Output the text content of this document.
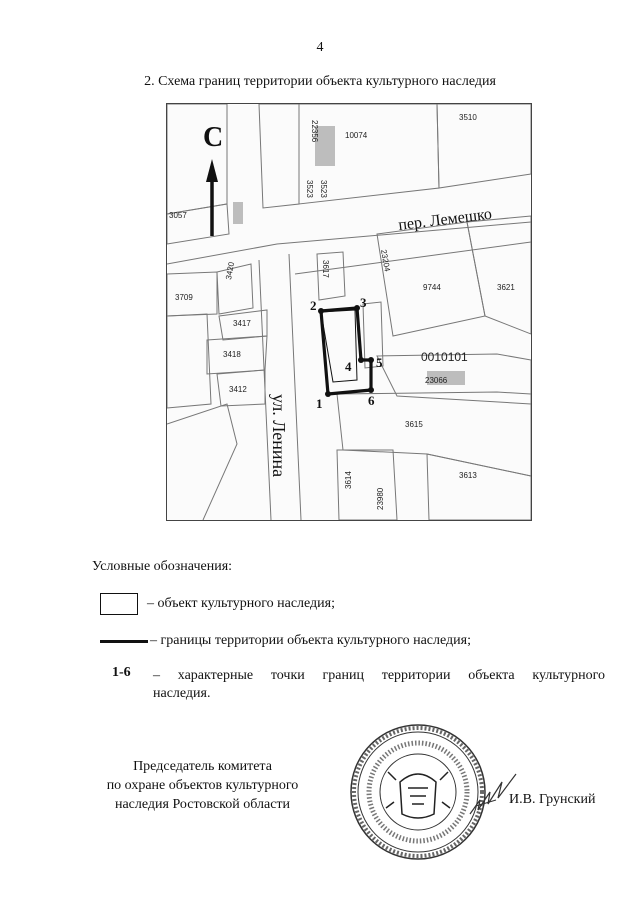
4
2. Схема границ территории объекта культурного наследия
С
пер. Лемешко
ул. Ленина
3510
10074
22356
3523 3523
3057
3709
3420
3417
3418
3412
3617	23204
9744	3621
23066
3615
3613
3614
23980
0010101
1
2	3
4 5
6
Условные обозначения:
– объект культурного наследия;
– границы территории объекта культурного наследия;
1-6 – характерные точки границ территории объекта культурного
наследия.
Председатель комитета
по охране объектов культурного
наследия Ростовской области	И.В. Грунский
